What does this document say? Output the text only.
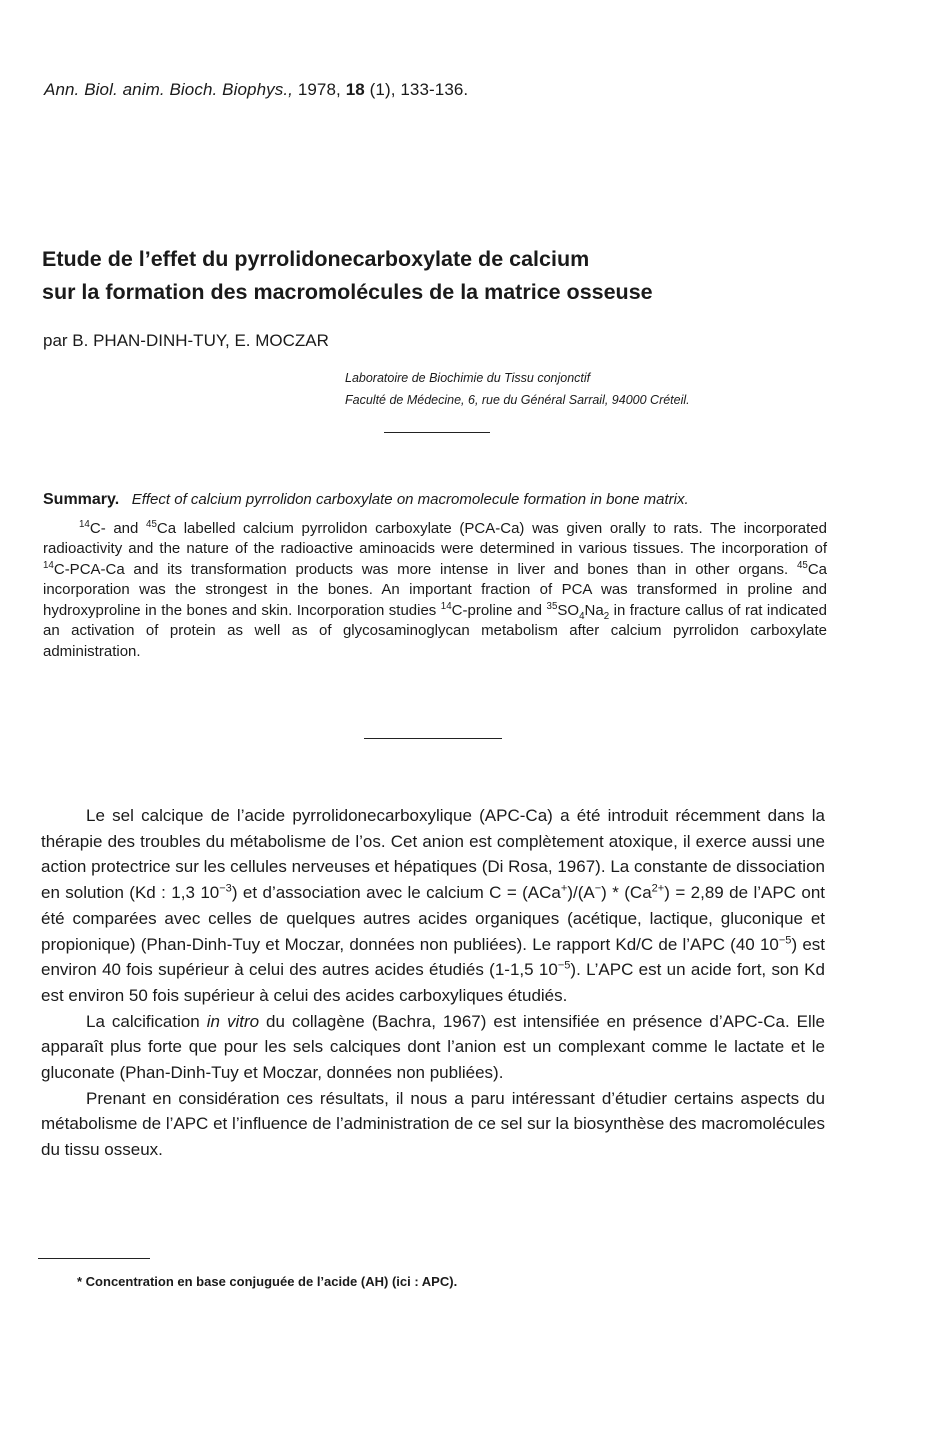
Ann. Biol. anim. Bioch. Biophys., 1978, 18 (1), 133-136.
Etude de l’effet du pyrrolidonecarboxylate de calcium
sur la formation des macromolécules de la matrice osseuse
par B. PHAN-DINH-TUY, E. MOCZAR
Laboratoire de Biochimie du Tissu conjonctif
Faculté de Médecine, 6, rue du Général Sarrail, 94000 Créteil.

Summary. Effect of calcium pyrrolidon carboxylate on macromolecule formation in bone matrix.

$^{14}$C- and $^{45}$Ca labelled calcium pyrrolidon carboxylate (PCA-Ca) was given orally to rats. The incorporated radioactivity and the nature of the radioactive aminoacids were determined in various tissues. The incorporation of $^{14}$C-PCA-Ca and its transformation products was more intense in liver and bones than in other organs. $^{45}$Ca incorporation was the strongest in the bones. An important fraction of PCA was transformed in proline and hydroxyproline in the bones and skin. Incorporation studies $^{14}$C-proline and $^{35}SO_4Na_2$ in fracture callus of rat indicated an activation of protein as well as of glycosaminoglycan metabolism after calcium pyrrolidon carboxylate administration.

Le sel calcique de l’acide pyrrolidonecarboxylique (APC-Ca) a été introduit récemment dans la thérapie des troubles du métabolisme de l’os. Cet anion est complètement atoxique, il exerce aussi une action protectrice sur les cellules nerveuses et hépatiques (Di Rosa, 1967). La constante de dissociation en solution (Kd : 1,3 $10^{-3}$) et d’association avec le calcium $C = (ACa^+)/(A^-) * (Ca^{2+}) = 2,89$ de l’APC ont été comparées avec celles de quelques autres acides organiques (acétique, lactique, gluconique et propionique) (Phan-Dinh-Tuy et Moczar, données non publiées). Le rapport Kd/C de l’APC (40 $10^{-5}$) est environ 40 fois supérieur à celui des autres acides étudiés (1-1,5 $10^{-5}$). L’APC est un acide fort, son Kd est environ 50 fois supérieur à celui des acides carboxyliques étudiés.

La calcification in vitro du collagène (Bachra, 1967) est intensifiée en présence d’APC-Ca. Elle apparaît plus forte que pour les sels calciques dont l’anion est un complexant comme le lactate et le gluconate (Phan-Dinh-Tuy et Moczar, données non publiées).

Prenant en considération ces résultats, il nous a paru intéressant d’étudier certains aspects du métabolisme de l’APC et l’influence de l’administration de ce sel sur la biosynthèse des macromolécules du tissu osseux.

* Concentration en base conjuguée de l’acide (AH) (ici : APC).
